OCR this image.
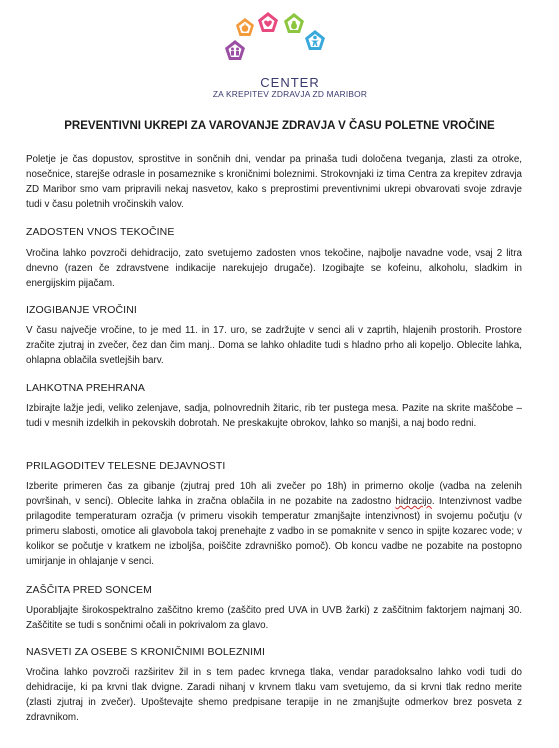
CENTER
ZA KREPITEV ZDRAVJA ZD MARIBOR
PREVENTIVNI UKREPI ZA VAROVANJE ZDRAVJA V ČASU POLETNE VROČINE

Poletje je čas dopustov, sprostitve in sončnih dni, vendar pa prinaša tudi določena tveganja, zlasti za otroke, nosečnice, starejše odrasle in posameznike s kroničnimi boleznimi. Strokovnjaki iz tima Centra za krepitev zdravja ZD Maribor smo vam pripravili nekaj nasvetov, kako s preprostimi preventivnimi ukrepi obvarovati svoje zdravje tudi v času poletnih vročinskih valov.

ZADOSTEN VNOS TEKOČINE

Vročina lahko povzroči dehidracijo, zato svetujemo zadosten vnos tekočine, najbolje navadne vode, vsaj 2 litra dnevno (razen če zdravstvene indikacije narekujejo drugače). Izogibajte se kofeinu, alkoholu, sladkim in energijskim pijačam.

IZOGIBANJE VROČINI

V času največje vročine, to je med 11. in 17. uro, se zadržujte v senci ali v zaprtih, hlajenih prostorih. Prostore zračite zjutraj in zvečer, čez dan čim manj.. Doma se lahko ohladite tudi s hladno prho ali kopeljo. Oblecite lahka, ohlapna oblačila svetlejših barv.

LAHKOTNA PREHRANA

Izbirajte lažje jedi, veliko zelenjave, sadja, polnovrednih žitaric, rib ter pustega mesa. Pazite na skrite maščobe – tudi v mesnih izdelkih in pekovskih dobrotah. Ne preskakujte obrokov, lahko so manjši, a naj bodo redni.

PRILAGODITEV TELESNE DEJAVNOSTI

Izberite primeren čas za gibanje (zjutraj pred 10h ali zvečer po 18h) in primerno okolje (vadba na zelenih površinah, v senci). Oblecite lahka in zračna oblačila in ne pozabite na zadostno hidracijo. Intenzivnost vadbe prilagodite temperaturam ozračja (v primeru visokih temperatur zmanjšajte intenzivnost) in svojemu počutju (v primeru slabosti, omotice ali glavobola takoj prenehajte z vadbo in se pomaknite v senco in spijte kozarec vode; v kolikor se počutje v kratkem ne izboljša, poiščite zdravniško pomoč). Ob koncu vadbe ne pozabite na postopno umirjanje in ohlajanje v senci.

ZAŠČITA PRED SONCEM

Uporabljajte širokospektralno zaščitno kremo (zaščito pred UVA in UVB žarki) z zaščitnim faktorjem najmanj 30. Zaščitite se tudi s sončnimi očali in pokrivalom za glavo.

NASVETI ZA OSEBE S KRONIČNIMI BOLEZNIMI

Vročina lahko povzroči razširitev žil in s tem padec krvnega tlaka, vendar paradoksalno lahko vodi tudi do dehidracije, ki pa krvni tlak dvigne. Zaradi nihanj v krvnem tlaku vam svetujemo, da si krvni tlak redno merite (zlasti zjutraj in zvečer). Upoštevajte shemo predpisane terapije in ne zmanjšujte odmerkov brez posveta z zdravnikom.
